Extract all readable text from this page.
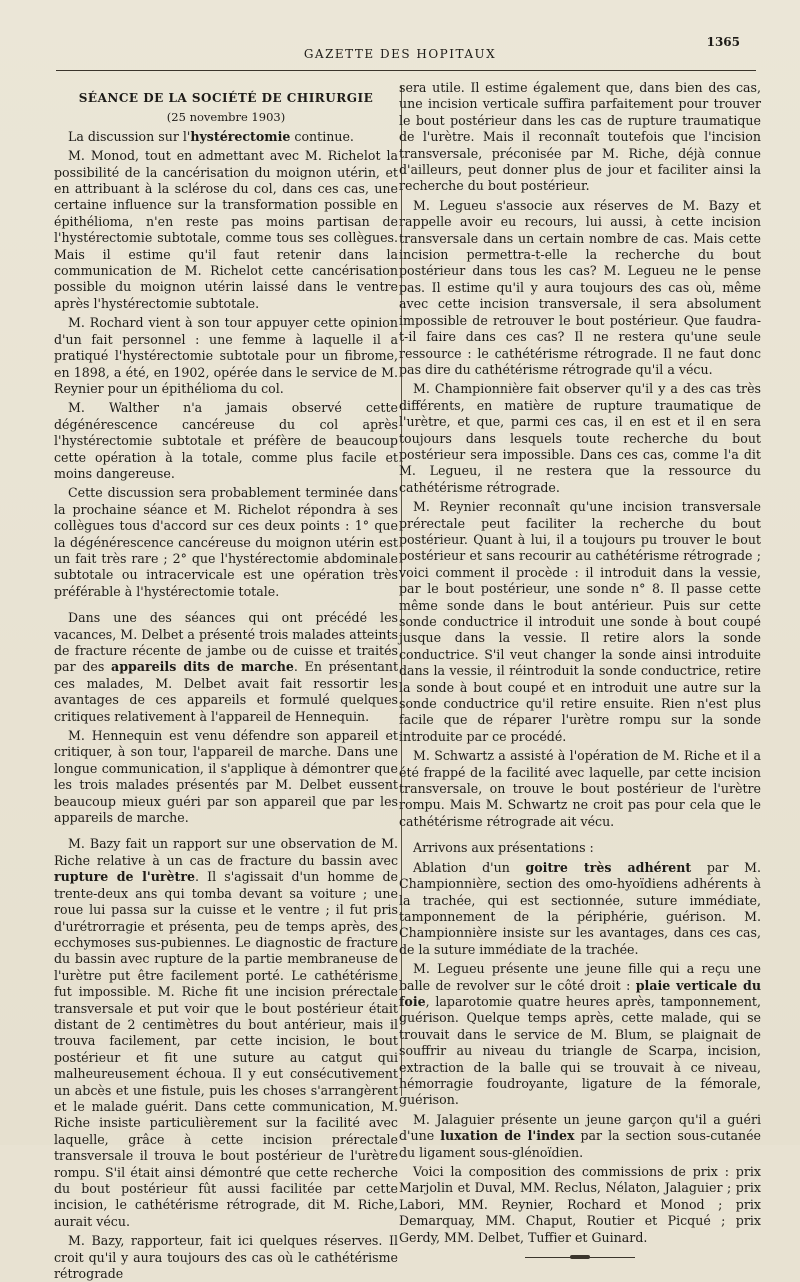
1365
GAZETTE DES HOPITAUX

SÉANCE DE LA SOCIÉTÉ DE CHIRURGIE

(25 novembre 1903)

La discussion sur l'hystérectomie continue.

M. Monod, tout en admettant avec M. Richelot la possibilité de la cancérisation du moignon utérin, et en attribuant à la sclérose du col, dans ces cas, une certaine influence sur la transformation possible en épithélioma, n'en reste pas moins partisan de l'hystérectomie subtotale, comme tous ses collègues. Mais il estime qu'il faut retenir dans la communication de M. Richelot cette cancérisation possible du moignon utérin laissé dans le ventre après l'hystérectomie subtotale.

M. Rochard vient à son tour appuyer cette opinion d'un fait personnel : une femme à laquelle il a pratiqué l'hystérectomie subtotale pour un fibrome, en 1898, a été, en 1902, opérée dans le service de M. Reynier pour un épithélioma du col.

M. Walther n'a jamais observé cette dégénérescence cancéreuse du col après l'hystérectomie subtotale et préfère de beaucoup cette opération à la totale, comme plus facile et moins dangereuse.

Cette discussion sera probablement terminée dans la prochaine séance et M. Richelot répondra à ses collègues tous d'accord sur ces deux points : 1° que la dégénérescence cancéreuse du moignon utérin est un fait très rare ; 2° que l'hystérectomie abdominale subtotale ou intracervicale est une opération très préférable à l'hystérectomie totale.

Dans une des séances qui ont précédé les vacances, M. Delbet a présenté trois malades atteints de fracture récente de jambe ou de cuisse et traités par des appareils dits de marche. En présentant ces malades, M. Delbet avait fait ressortir les avantages de ces appareils et formulé quelques critiques relativement à l'appareil de Hennequin.

M. Hennequin est venu défendre son appareil et critiquer, à son tour, l'appareil de marche. Dans une longue communication, il s'applique à démontrer que les trois malades présentés par M. Delbet eussent beaucoup mieux guéri par son appareil que par les appareils de marche.

M. Bazy fait un rapport sur une observation de M. Riche relative à un cas de fracture du bassin avec rupture de l'urètre. Il s'agissait d'un homme de trente-deux ans qui tomba devant sa voiture ; une roue lui passa sur la cuisse et le ventre ; il fut pris d'urétrorragie et présenta, peu de temps après, des ecchymoses sus-pubiennes. Le diagnostic de fracture du bassin avec rupture de la partie membraneuse de l'urètre put être facilement porté. Le cathétérisme fut impossible. M. Riche fit une incision prérectale transversale et put voir que le bout postérieur était distant de 2 centimètres du bout antérieur, mais il trouva facilement, par cette incision, le bout postérieur et fit une suture au catgut qui malheureusement échoua. Il y eut consécutivement un abcès et une fistule, puis les choses s'arrangèrent et le malade guérit. Dans cette communication, M. Riche insiste particulièrement sur la facilité avec laquelle, grâce à cette incision prérectale transversale il trouva le bout postérieur de l'urètre rompu. S'il était ainsi démontré que cette recherche du bout postérieur fût aussi facilitée par cette incision, le cathétérisme rétrograde, dit M. Riche, aurait vécu.

M. Bazy, rapporteur, fait ici quelques réserves. Il croit qu'il y aura toujours des cas où le cathétérisme rétrograde

sera utile. Il estime également que, dans bien des cas, une incision verticale suffira parfaitement pour trouver le bout postérieur dans les cas de rupture traumatique de l'urètre. Mais il reconnaît toutefois que l'incision transversale, préconisée par M. Riche, déjà connue d'ailleurs, peut donner plus de jour et faciliter ainsi la recherche du bout postérieur.

M. Legueu s'associe aux réserves de M. Bazy et rappelle avoir eu recours, lui aussi, à cette incision transversale dans un certain nombre de cas. Mais cette incision permettra-t-elle la recherche du bout postérieur dans tous les cas? M. Legueu ne le pense pas. Il estime qu'il y aura toujours des cas où, même avec cette incision transversale, il sera absolument impossible de retrouver le bout postérieur. Que faudra-t-il faire dans ces cas? Il ne restera qu'une seule ressource : le cathétérisme rétrograde. Il ne faut donc pas dire du cathétérisme rétrograde qu'il a vécu.

M. Championnière fait observer qu'il y a des cas très différents, en matière de rupture traumatique de l'urètre, et que, parmi ces cas, il en est et il en sera toujours dans lesquels toute recherche du bout postérieur sera impossible. Dans ces cas, comme l'a dit M. Legueu, il ne restera que la ressource du cathétérisme rétrograde.

M. Reynier reconnaît qu'une incision transversale prérectale peut faciliter la recherche du bout postérieur. Quant à lui, il a toujours pu trouver le bout postérieur et sans recourir au cathétérisme rétrograde ; voici comment il procède : il introduit dans la vessie, par le bout postérieur, une sonde n° 8. Il passe cette même sonde dans le bout antérieur. Puis sur cette sonde conductrice il introduit une sonde à bout coupé jusque dans la vessie. Il retire alors la sonde conductrice. S'il veut changer la sonde ainsi introduite dans la vessie, il réintroduit la sonde conductrice, retire la sonde à bout coupé et en introduit une autre sur la sonde conductrice qu'il retire ensuite. Rien n'est plus facile que de réparer l'urètre rompu sur la sonde introduite par ce procédé.

M. Schwartz a assisté à l'opération de M. Riche et il a été frappé de la facilité avec laquelle, par cette incision transversale, on trouve le bout postérieur de l'urètre rompu. Mais M. Schwartz ne croit pas pour cela que le cathétérisme rétrograde ait vécu.

Arrivons aux présentations :

Ablation d'un goitre très adhérent par M. Championnière, section des omo-hyoïdiens adhérents à la trachée, qui est sectionnée, suture immédiate, tamponnement de la périphérie, guérison. M. Championnière insiste sur les avantages, dans ces cas, de la suture immédiate de la trachée.

M. Legueu présente une jeune fille qui a reçu une balle de revolver sur le côté droit : plaie verticale du foie, laparotomie quatre heures après, tamponnement, guérison. Quelque temps après, cette malade, qui se trouvait dans le service de M. Blum, se plaignait de souffrir au niveau du triangle de Scarpa, incision, extraction de la balle qui se trouvait à ce niveau, hémorragie foudroyante, ligature de la fémorale, guérison.

M. Jalaguier présente un jeune garçon qu'il a guéri d'une luxation de l'index par la section sous-cutanée du ligament sous-glénoïdien.

Voici la composition des commissions de prix : prix Marjolin et Duval, MM. Reclus, Nélaton, Jalaguier ; prix Labori, MM. Reynier, Rochard et Monod ; prix Demarquay, MM. Chaput, Routier et Picqué ; prix Gerdy, MM. Delbet, Tuffier et Guinard.
